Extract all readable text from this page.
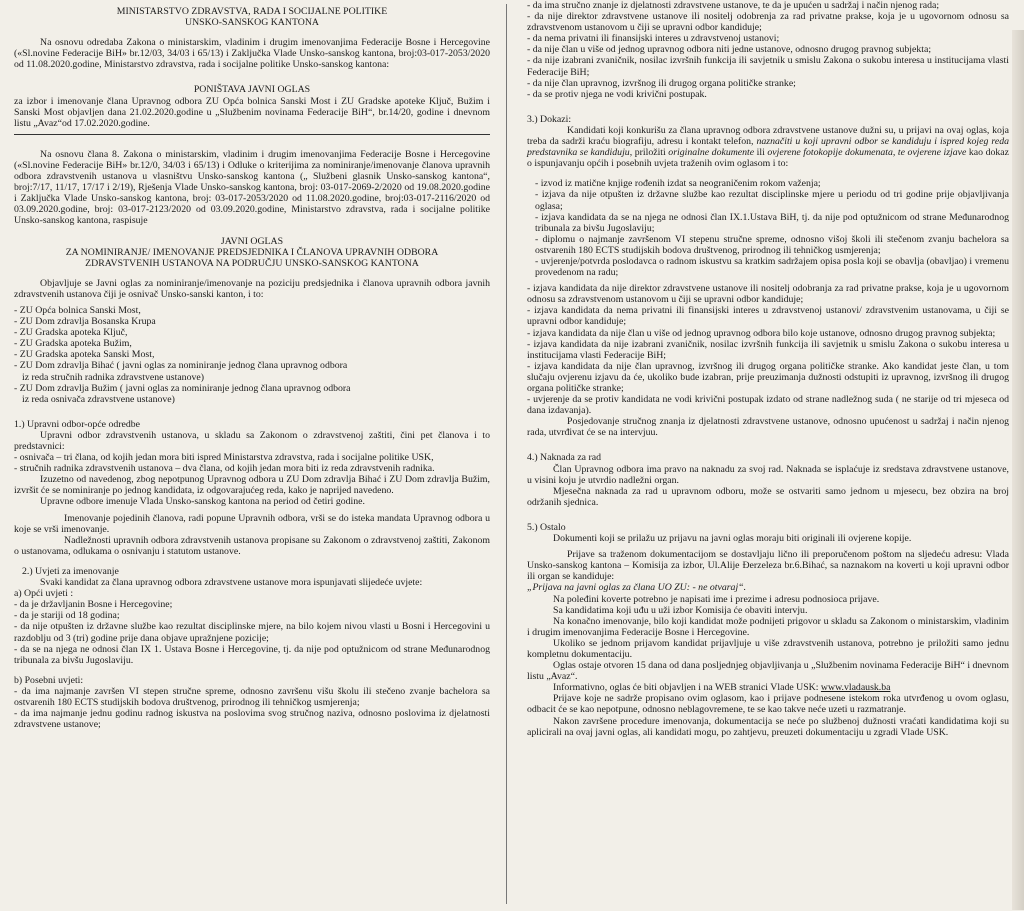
MINISTARSTVO ZDRAVSTVA, RADA I SOCIJALNE POLITIKE

UNSKO-SANSKOG KANTONA

Na osnovu odredaba Zakona o ministarskim, vladinim i drugim imenovanjima Federacije Bosne i Hercegovine («Sl.novine Federacije BiH» br.12/03, 34/03 i 65/13) i Zaključka Vlade Unsko-sanskog kantona, broj:03-017-2053/2020 od 11.08.2020.godine, Ministarstvo zdravstva, rada i socijalne politike Unsko-sanskog kantona:

PONIŠTAVA JAVNI OGLAS

za izbor i imenovanje člana Upravnog odbora ZU Opća bolnica Sanski Most i ZU Gradske apoteke Ključ, Bužim i Sanski Most objavljen dana 21.02.2020.godine u „Službenim novinama Federacije BiH“, br.14/20, godine i dnevnom listu „Avaz“od 17.02.2020.godine.

Na osnovu člana 8. Zakona o ministarskim, vladinim i drugim imenovanjima Federacije Bosne i Hercegovine («Sl.novine Federacije BiH» br.12/0, 34/03 i 65/13) i Odluke o kriterijima za nominiranje/imenovanje članova upravnih odbora zdravstvenih ustanova u vlasništvu Unsko-sanskog kantona („ Službeni glasnik Unsko-sanskog kantona“, broj:7/17, 11/17, 17/17 i 2/19), Rješenja Vlade Unsko-sanskog kantona, broj: 03-017-2069-2/2020 od 19.08.2020.godine i Zaključka Vlade Unsko-sanskog kantona, broj: 03-017-2053/2020 od 11.08.2020.godine, broj:03-017-2116/2020 od 03.09.2020.godine, broj: 03-017-2123/2020 od 03.09.2020.godine, Ministarstvo zdravstva, rada i socijalne politike Unsko-sanskog kantona, raspisuje

JAVNI OGLAS

ZA NOMINIRANJE/ IMENOVANJE PREDSJEDNIKA I ČLANOVA UPRAVNIH ODBORA

ZDRAVSTVENIH USTANOVA NA PODRUČJU UNSKO-SANSKOG KANTONA

Objavljuje se Javni oglas za nominiranje/imenovanje na poziciju predsjednika i članova upravnih odbora javnih zdravstvenih ustanova čiji je osnivač Unsko-sanski kanton, i to:

- ZU Opća bolnica Sanski Most,

- ZU Dom zdravlja Bosanska Krupa

- ZU Gradska apoteka Ključ,

- ZU Gradska apoteka Bužim,

- ZU Gradska apoteka Sanski Most,

- ZU Dom zdravlja Bihać ( javni oglas za nominiranje jednog člana upravnog odbora

iz reda stručnih radnika zdravstvene ustanove)

- ZU Dom zdravlja Bužim ( javni oglas za nominiranje jednog člana upravnog odbora

iz reda osnivača zdravstvene ustanove)

1.) Upravni odbor-opće odredbe

Upravni odbor zdravstvenih ustanova, u skladu sa Zakonom o zdravstvenoj zaštiti, čini pet članova i to predstavnici:

- osnivača – tri člana, od kojih jedan mora biti ispred Ministarstva zdravstva, rada i socijalne politike USK,

- stručnih radnika zdravstvenih ustanova – dva člana, od kojih jedan mora biti iz reda zdravstvenih radnika.

Izuzetno od navedenog, zbog nepotpunog Upravnog odbora u ZU Dom zdravlja Bihać i ZU Dom zdravlja Bužim, izvršit će se nominiranje po jednog kandidata, iz odgovarajućeg reda, kako je naprijed navedeno.

Upravne odbore imenuje Vlada Unsko-sanskog kantona na period od četiri godine.

Imenovanje pojedinih članova, radi popune Upravnih odbora, vrši se do isteka mandata Upravnog odbora u koje se vrši imenovanje.

Nadležnosti upravnih odbora zdravstvenih ustanova propisane su Zakonom o zdravstvenoj zaštiti, Zakonom o ustanovama, odlukama o osnivanju i statutom ustanove.

2.) Uvjeti za imenovanje

Svaki kandidat za člana upravnog odbora zdravstvene ustanove mora ispunjavati slijedeće uvjete:

a) Opći uvjeti :

- da je državljanin Bosne i Hercegovine;

- da je stariji od 18 godina;

- da nije otpušten iz državne službe kao rezultat disciplinske mjere, na bilo kojem nivou vlasti u Bosni i Hercegovini u razdoblju od 3 (tri) godine prije dana objave upražnjene pozicije;

- da se na njega ne odnosi član IX 1. Ustava Bosne i Hercegovine, tj. da nije pod optužnicom od strane Međunarodnog tribunala za bivšu Jugoslaviju.

b) Posebni uvjeti:

- da ima najmanje završen VI stepen stručne spreme, odnosno završenu višu školu ili stečeno zvanje bachelora sa ostvarenih 180 ECTS studijskih bodova društvenog, prirodnog ili tehničkog usmjerenja;

- da ima najmanje jednu godinu radnog iskustva na poslovima svog stručnog naziva, odnosno poslovima iz djelatnosti zdravstvene ustanove;

- da ima stručno znanje iz djelatnosti zdravstvene ustanove, te da je upućen u sadržaj i način njenog rada;

- da nije direktor zdravstvene ustanove ili nositelj odobrenja za rad privatne prakse, koja je u ugovornom odnosu sa zdravstvenom ustanovom u čiji se upravni odbor kandiduje;

- da nema privatni ili finansijski interes u zdravstvenoj ustanovi;

- da nije član u više od jednog upravnog odbora niti jedne ustanove, odnosno drugog pravnog subjekta;

- da nije izabrani zvaničnik, nosilac izvršnih funkcija ili savjetnik u smislu Zakona o sukobu interesa u institucijama vlasti Federacije BiH;

- da nije član upravnog, izvršnog ili drugog organa političke stranke;

- da se protiv njega ne vodi krivični postupak.

3.) Dokazi:

Kandidati koji konkurišu za člana upravnog odbora zdravstvene ustanove dužni su, u prijavi na ovaj oglas, koja treba da sadrži kraću biografiju, adresu i kontakt telefon, naznačiti u koji upravni odbor se kandiduju i ispred kojeg reda predstavnika se kandiduju, priložiti originalne dokumente ili ovjerene fotokopije dokumenata, te ovjerene izjave kao dokaz o ispunjavanju općih i posebnih uvjeta traženih ovim oglasom i to:

- izvod iz matične knjige rođenih izdat sa neograničenim rokom važenja;

- izjava da nije otpušten iz državne službe kao rezultat disciplinske mjere u periodu od tri godine prije objavljivanja oglasa;

- izjava kandidata da se na njega ne odnosi član IX.1.Ustava BiH, tj. da nije pod optužnicom od strane Međunarodnog tribunala za bivšu Jugoslaviju;

- diplomu o najmanje završenom VI stepenu stručne spreme, odnosno višoj školi ili stečenom zvanju bachelora sa ostvarenih 180 ECTS studijskih bodova društvenog, prirodnog ili tehničkog usmjerenja;

- uvjerenje/potvrda poslodavca o radnom iskustvu sa kratkim sadržajem opisa posla koji se obavlja (obavljao) i vremenu provedenom na radu;

- izjava kandidata da nije direktor zdravstvene ustanove ili nositelj odobranja za rad privatne prakse, koja je u ugovornom odnosu sa zdravstvenom ustanovom u čiji se upravni odbor kandiduje;

- izjava kandidata da nema privatni ili finansijski interes u zdravstvenoj ustanovi/ zdravstvenim ustanovama, u čiji se upravni odbor kandiduje;

- izjava kandidata da nije član u više od jednog upravnog odbora bilo koje ustanove, odnosno drugog pravnog subjekta;

- izjava kandidata da nije izabrani zvaničnik, nosilac izvršnih funkcija ili savjetnik u smislu Zakona o sukobu interesa u institucijama vlasti Federacije BiH;

- izjava kandidata da nije član upravnog, izvršnog ili drugog organa političke stranke. Ako kandidat jeste član, u tom slučaju ovjerenu izjavu da će, ukoliko bude izabran, prije preuzimanja dužnosti odstupiti iz upravnog, izvršnog ili drugog organa političke stranke;

- uvjerenje da se protiv kandidata ne vodi krivični postupak izdato od strane nadležnog suda ( ne starije od tri mjeseca od dana izdavanja).

Posjedovanje stručnog znanja iz djelatnosti zdravstvene ustanove, odnosno upućenost u sadržaj i način njenog rada, utvrđivat će se na intervjuu.

4.) Naknada za rad

Član Upravnog odbora ima pravo na naknadu za svoj rad. Naknada se isplaćuje iz sredstava zdravstvene ustanove, u visini koju je utvrdio nadležni organ.

Mjesečna naknada za rad u upravnom odboru, može se ostvariti samo jednom u mjesecu, bez obzira na broj održanih sjednica.

5.) Ostalo

Dokumenti koji se prilažu uz prijavu na javni oglas moraju biti originali ili ovjerene kopije.

Prijave sa traženom dokumentacijom se dostavljaju lično ili preporučenom poštom na sljedeću adresu: Vlada Unsko-sanskog kantona – Komisija za izbor, Ul.Alije Đerzeleza br.6.Bihać, sa naznakom na koverti u koji upravni odbor ili organ se kandiduje:

„Prijava na javni oglas za člana UO ZU: - ne otvaraj“.

Na poleđini koverte potrebno je napisati ime i prezime i adresu podnosioca prijave.

Sa kandidatima koji uđu u uži izbor Komisija će obaviti intervju.

Na konačno imenovanje, bilo koji kandidat može podnijeti prigovor u skladu sa Zakonom o ministarskim, vladinim i drugim imenovanjima Federacije Bosne i Hercegovine.

Ukoliko se jednom prijavom kandidat prijavljuje u više zdravstvenih ustanova, potrebno je priložiti samo jednu kompletnu dokumentaciju.

Oglas ostaje otvoren 15 dana od dana posljednjeg objavljivanja u „Službenim novinama Federacije BiH“ i dnevnom listu „Avaz“.

Informativno, oglas će biti objavljen i na WEB stranici Vlade USK: www.vladausk.ba

Prijave koje ne sadrže propisano ovim oglasom, kao i prijave podnesene istekom roka utvrđenog u ovom oglasu, odbacit će se kao nepotpune, odnosno neblagovremene, te se kao takve neće uzeti u razmatranje.

Nakon završene procedure imenovanja, dokumentacija se neće po službenoj dužnosti vraćati kandidatima koji su aplicirali na ovaj javni oglas, ali kandidati mogu, po zahtjevu, preuzeti dokumentaciju u zgradi Vlade USK.
